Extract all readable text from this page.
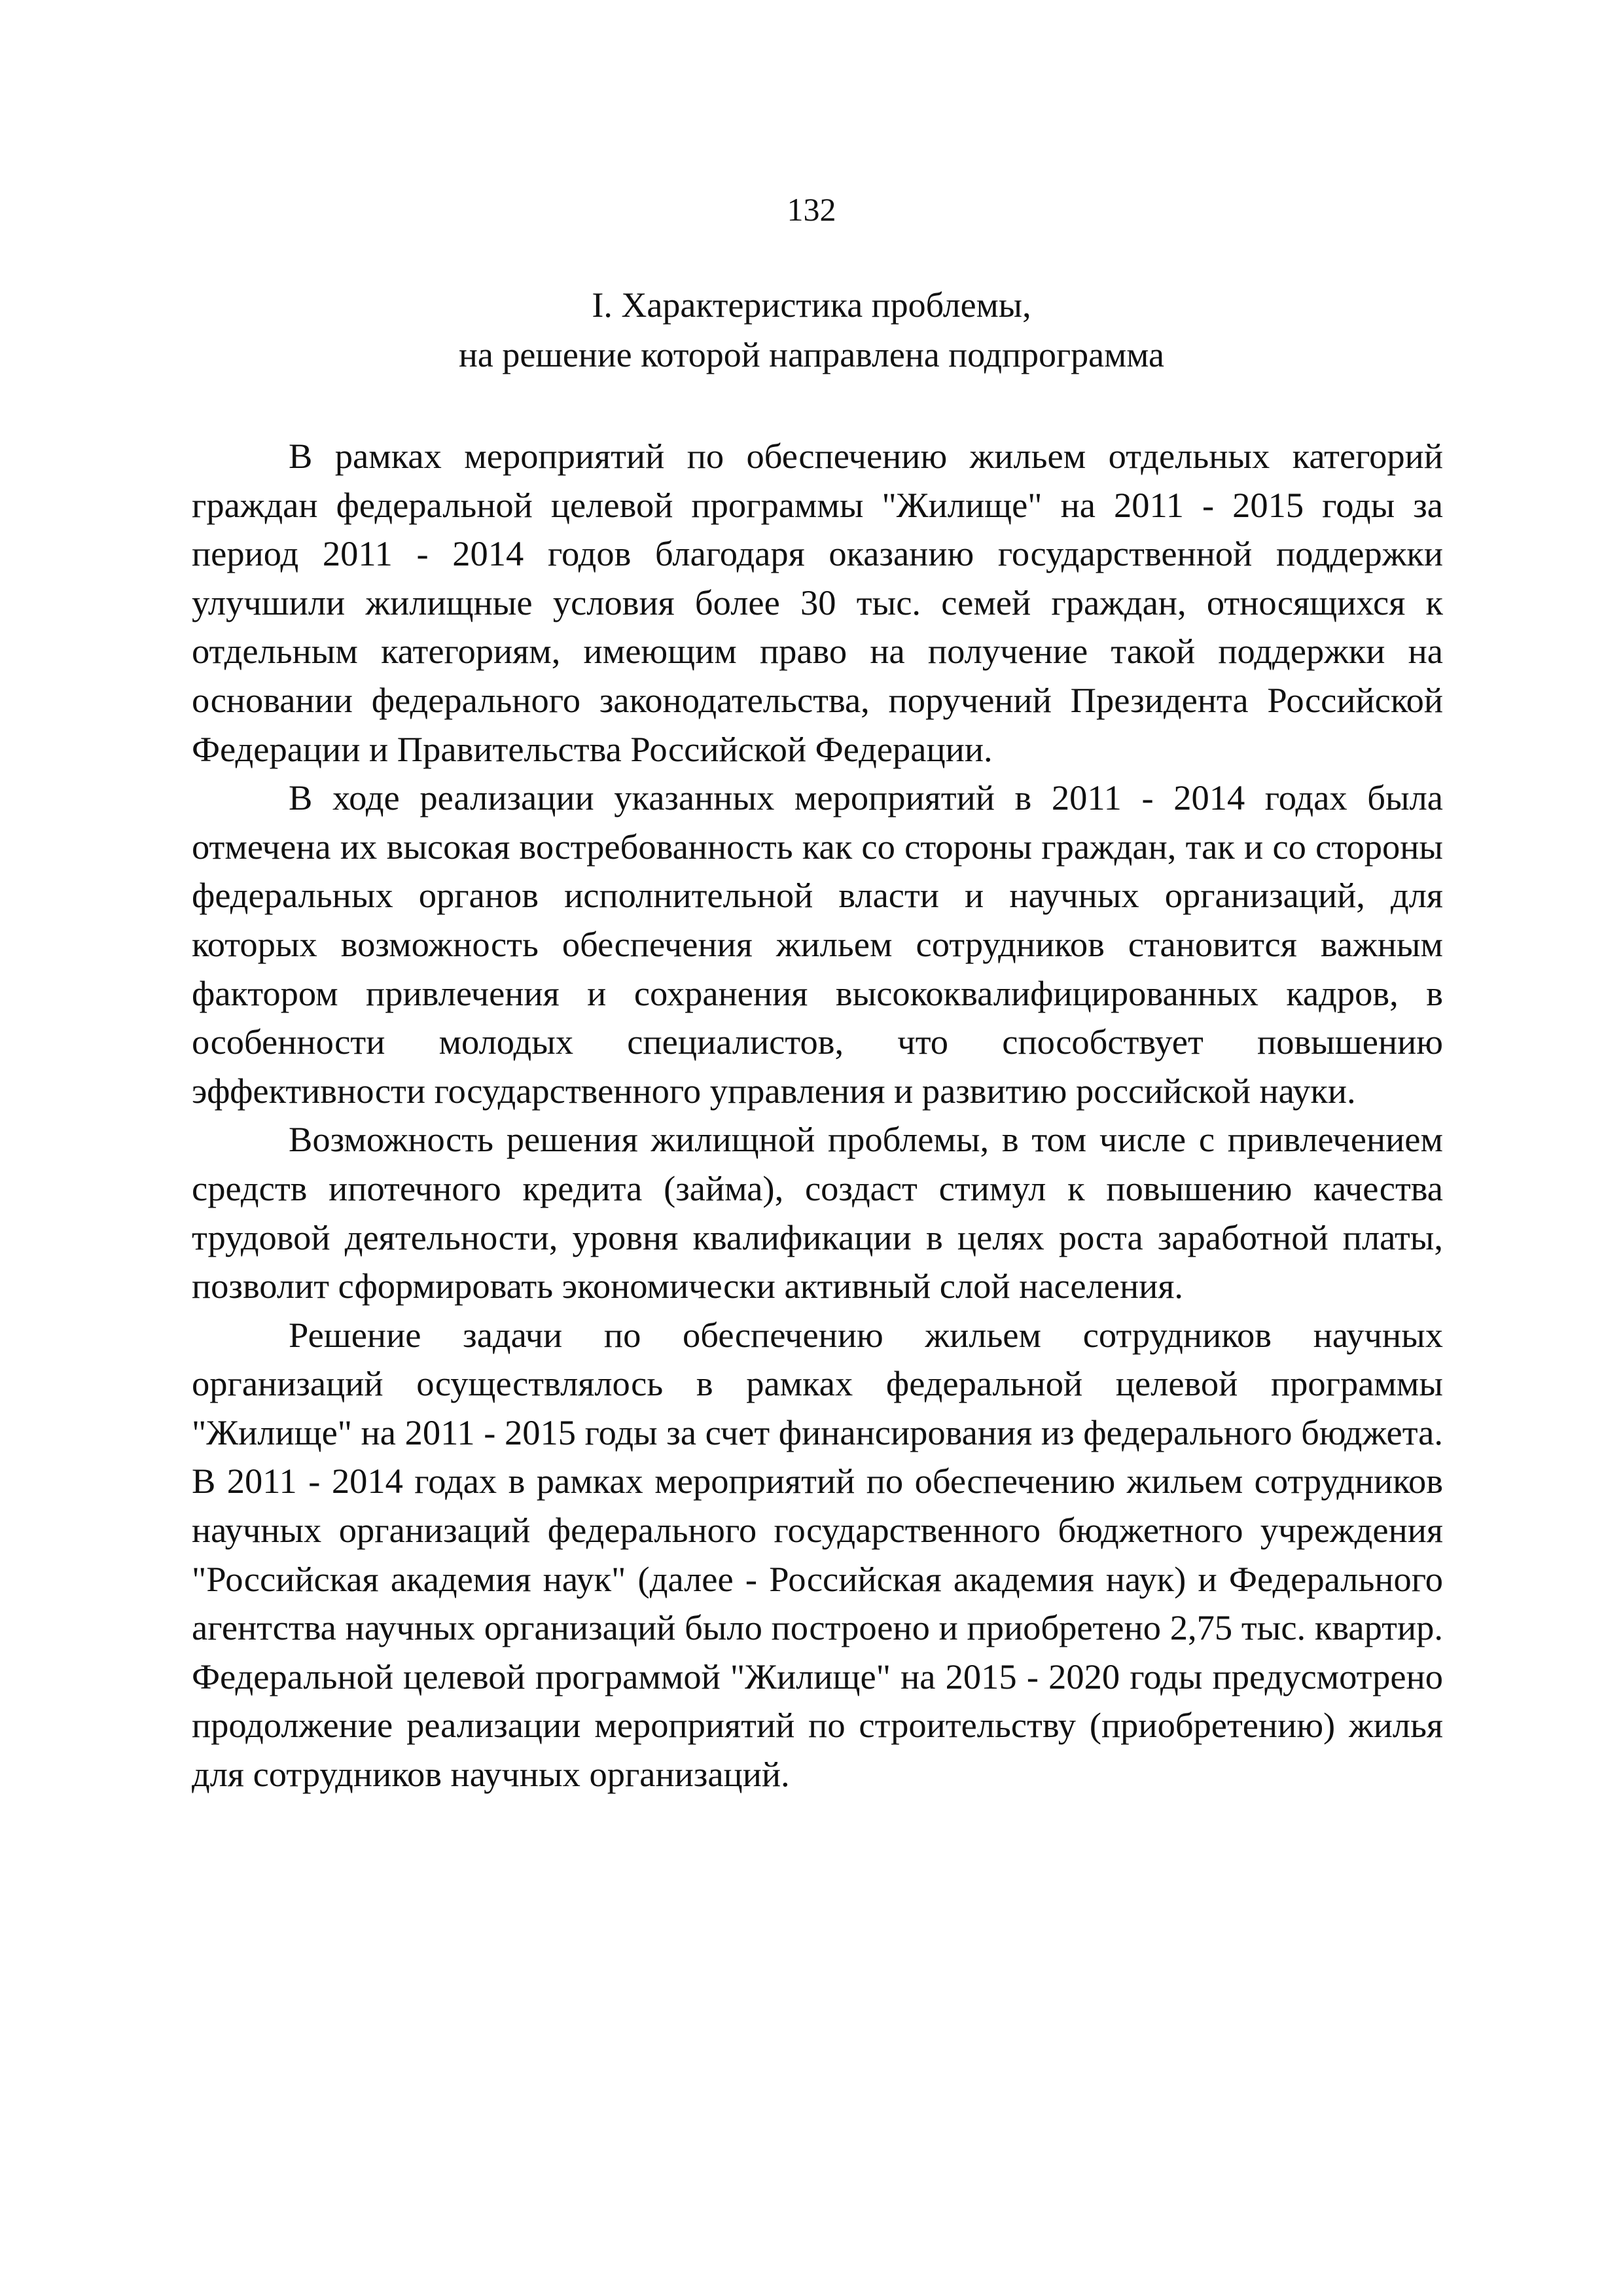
132
I. Характеристика проблемы,
на решение которой направлена подпрограмма

В рамках мероприятий по обеспечению жильем отдельных категорий граждан федеральной целевой программы "Жилище" на 2011 - 2015 годы за период 2011 - 2014 годов благодаря оказанию государственной поддержки улучшили жилищные условия более 30 тыс. семей граждан, относящихся к отдельным категориям, имеющим право на получение такой поддержки на основании федерального законодательства, поручений Президента Российской Федерации и Правительства Российской Федерации.

В ходе реализации указанных мероприятий в 2011 - 2014 годах была отмечена их высокая востребованность как со стороны граждан, так и со стороны федеральных органов исполнительной власти и научных организаций, для которых возможность обеспечения жильем сотрудников становится важным фактором привлечения и сохранения высококвалифицированных кадров, в особенности молодых специалистов, что способствует повышению эффективности государственного управления и развитию российской науки.

Возможность решения жилищной проблемы, в том числе с привлечением средств ипотечного кредита (займа), создаст стимул к повышению качества трудовой деятельности, уровня квалификации в целях роста заработной платы, позволит сформировать экономически активный слой населения.

Решение задачи по обеспечению жильем сотрудников научных организаций осуществлялось в рамках федеральной целевой программы "Жилище" на 2011 - 2015 годы за счет финансирования из федерального бюджета. В 2011 - 2014 годах в рамках мероприятий по обеспечению жильем сотрудников научных организаций федерального государственного бюджетного учреждения "Российская академия наук" (далее - Российская академия наук) и Федерального агентства научных организаций было построено и приобретено 2,75 тыс. квартир. Федеральной целевой программой "Жилище" на 2015 - 2020 годы предусмотрено продолжение реализации мероприятий по строительству (приобретению) жилья для сотрудников научных организаций.
